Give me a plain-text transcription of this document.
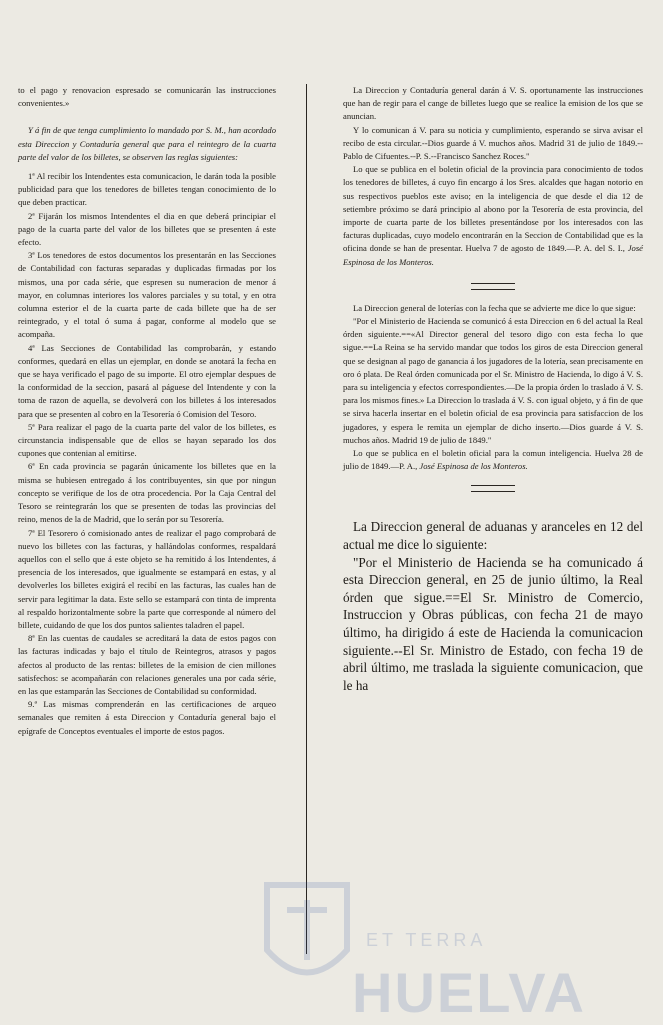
to el pago y renovacion espresado se comunicarán las instrucciones convenientes.»

Y á fin de que tenga cumplimiento lo mandado por S. M., han acordado esta Direccion y Contaduría general que para el reintegro de la cuarta parte del valor de los billetes, se observen las reglas siguientes:

1ª Al recibir los Intendentes esta comunicacion, le darán toda la posible publicidad para que los tenedores de billetes tengan conocimiento de lo que deben practicar.

2ª Fijarán los mismos Intendentes el dia en que deberá principiar el pago de la cuarta parte del valor de los billetes que se presenten á este efecto.

3ª Los tenedores de estos documentos los presentarán en las Secciones de Contabilidad con facturas separadas y duplicadas firmadas por los mismos, una por cada série, que espresen su numeracion de menor á mayor, en columnas interiores los valores parciales y su total, y en otra columna esterior el de la cuarta parte de cada billete que ha de ser reintegrado, y el total ó suma á pagar, conforme al modelo que se acompaña.

4ª Las Secciones de Contabilidad las comprobarán, y estando conformes, quedará en ellas un ejemplar, en donde se anotará la fecha en que se haya verificado el pago de su importe. El otro ejemplar despues de la conformidad de la seccion, pasará al páguese del Intendente y con la toma de razon de aquella, se devolverá con los billetes á los interesados para que se presenten al cobro en la Tesorería ó Comision del Tesoro.

5ª Para realizar el pago de la cuarta parte del valor de los billetes, es circunstancia indispensable que de ellos se hayan separado los dos cupones que contenian al emitirse.

6ª En cada provincia se pagarán únicamente los billetes que en la misma se hubiesen entregado á los contribuyentes, sin que por ningun concepto se verifique de los de otra procedencia. Por la Caja Central del Tesoro se reintegrarán los que se presenten de todas las provincias del reino, menos de la de Madrid, que lo serán por su Tesorería.

7ª El Tesorero ó comisionado antes de realizar el pago comprobará de nuevo los billetes con las facturas, y hallándolas conformes, respaldará aquellos con el sello que á este objeto se ha remitido á los Intendentes, á presencia de los interesados, que igualmente se estampará en estas, y al devolverles los billetes exigirá el recibí en las facturas, las cuales han de servir para legitimar la data. Este sello se estampará con tinta de imprenta al respaldo horizontalmente sobre la parte que corresponde al número del billete, cuidando de que los dos puntos salientes taladren el papel.

8ª En las cuentas de caudales se acreditará la data de estos pagos con las facturas indicadas y bajo el título de Reintegros, atrasos y pagos afectos al producto de las rentas: billetes de la emision de cien millones satisfechos: se acompañarán con relaciones generales una por cada série, en las que estamparán las Secciones de Contabilidad su conformidad.

9.ª Las mismas comprenderán en las certificaciones de arqueo semanales que remiten á esta Direccion y Contaduría general bajo el epígrafe de Conceptos eventuales el importe de estos pagos.

La Direccion y Contaduría general darán á V. S. oportunamente las instrucciones que han de regir para el cange de billetes luego que se realice la emision de los que se anuncian.

Y lo comunican á V. para su noticia y cumplimiento, esperando se sirva avisar el recibo de esta circular.--Dios guarde á V. muchos años. Madrid 31 de julio de 1849.--Pablo de Cifuentes.--P. S.--Francisco Sanchez Roces."

Lo que se publica en el boletin oficial de la provincia para conocimiento de todos los tenedores de billetes, á cuyo fin encargo á los Sres. alcaldes que hagan notorio en sus respectivos pueblos este aviso; en la inteligencia de que desde el dia 12 de setiembre próximo se dará principio al abono por la Tesorería de esta provincia, del importe de cuarta parte de los billetes presentándose por los interesados con las facturas duplicadas, cuyo modelo encontrarán en la Seccion de Contabilidad que es la oficina donde se han de presentar. Huelva 7 de agosto de 1849.—P. A. del S. I., José Espinosa de los Monteros.

La Direccion general de loterías con la fecha que se advierte me dice lo que sigue:

"Por el Ministerio de Hacienda se comunicó á esta Direccion en 6 del actual la Real órden siguiente.==«Al Director general del tesoro digo con esta fecha lo que sigue.==La Reina se ha servido mandar que todos los giros de esta Direccion general que se designan al pago de ganancia á los jugadores de la lotería, sean precisamente en oro ó plata. De Real órden comunicada por el Sr. Ministro de Hacienda, lo digo á V. S. para su inteligencia y efectos correspondientes.—De la propia órden lo traslado á V. S. para los mismos fines.» La Direccion lo traslada á V. S. con igual objeto, y á fin de que se sirva hacerla insertar en el boletin oficial de esa provincia para satisfaccion de los jugadores, y espera le remita un ejemplar de dicho inserto.—Dios guarde á V. S. muchos años. Madrid 19 de julio de 1849."

Lo que se publica en el boletin oficial para la comun inteligencia. Huelva 28 de julio de 1849.—P. A., José Espinosa de los Monteros.

La Direccion general de aduanas y aranceles en 12 del actual me dice lo siguiente:

"Por el Ministerio de Hacienda se ha comunicado á esta Direccion general, en 25 de junio último, la Real órden que sigue.==El Sr. Ministro de Comercio, Instruccion y Obras públicas, con fecha 21 de mayo último, ha dirigido á este de Hacienda la comunicacion siguiente.--El Sr. Ministro de Estado, con fecha 19 de abril último, me traslada la siguiente comunicacion, que le ha

ET TERRA
HUELVA
